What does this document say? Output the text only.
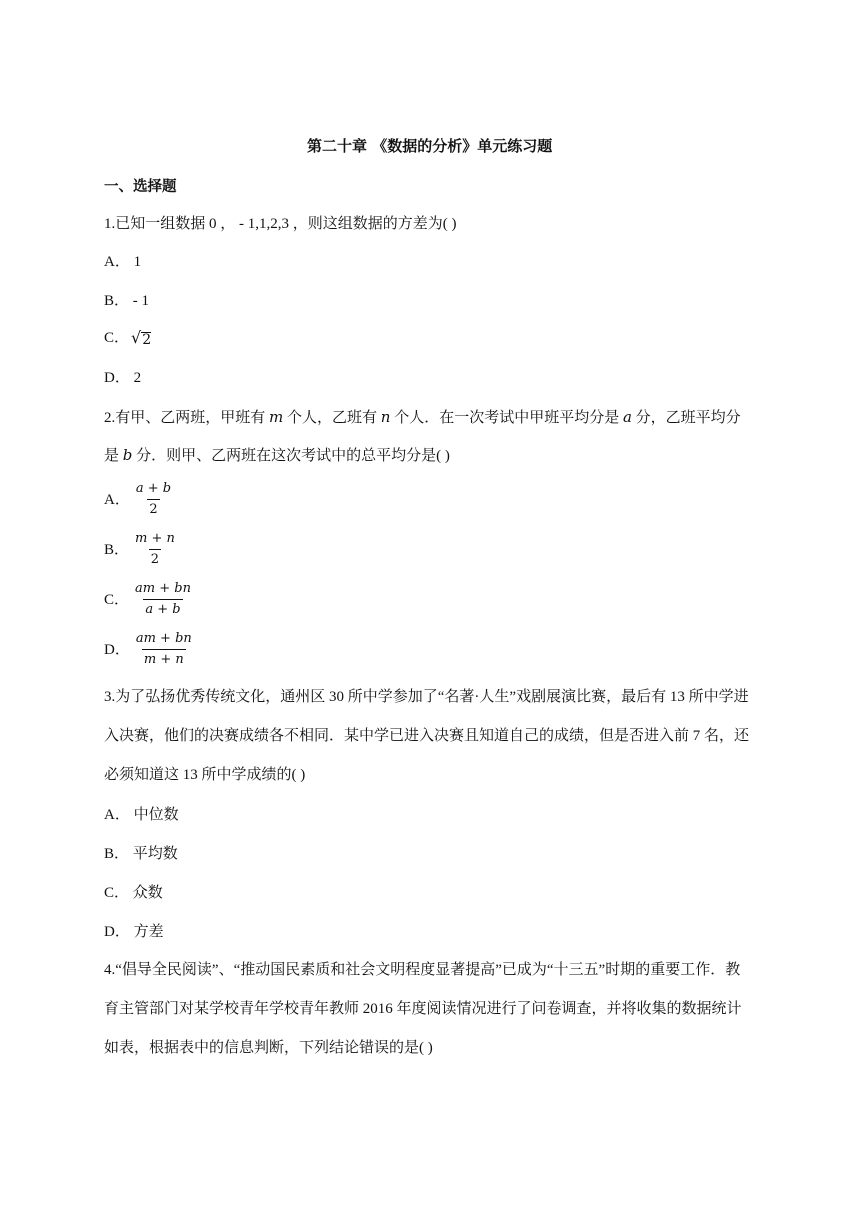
第二十章 《数据的分析》单元练习题
一、选择题
1.已知一组数据 0 ， - 1,1,2,3 ，则这组数据的方差为( )
A． 1
B． - 1
C． √ 2
D． 2
2.有甲、乙两班，甲班有 m 个人，乙班有 n 个人．在一次考试中甲班平均分是 a 分，乙班平均分
是 b 分．则甲、乙两班在这次考试中的总平均分是( )
A． $\frac{a + b}{2}$
B． $\frac{m + n}{2}$
C． $\frac{am + bn}{a + b}$
D． $\frac{am + bn}{m + n}$
3.为了弘扬优秀传统文化，通州区 30 所中学参加了“名著·人生”戏剧展演比赛，最后有 13 所中学进
入决赛，他们的决赛成绩各不相同．某中学已进入决赛且知道自己的成绩，但是否进入前 7 名，还
必须知道这 13 所中学成绩的( )
A． 中位数
B． 平均数
C． 众数
D． 方差
4.“倡导全民阅读”、“推动国民素质和社会文明程度显著提高”已成为“十三五”时期的重要工作．教
育主管部门对某学校青年学校青年教师 2016 年度阅读情况进行了问卷调查，并将收集的数据统计
如表，根据表中的信息判断，下列结论错误的是( )
